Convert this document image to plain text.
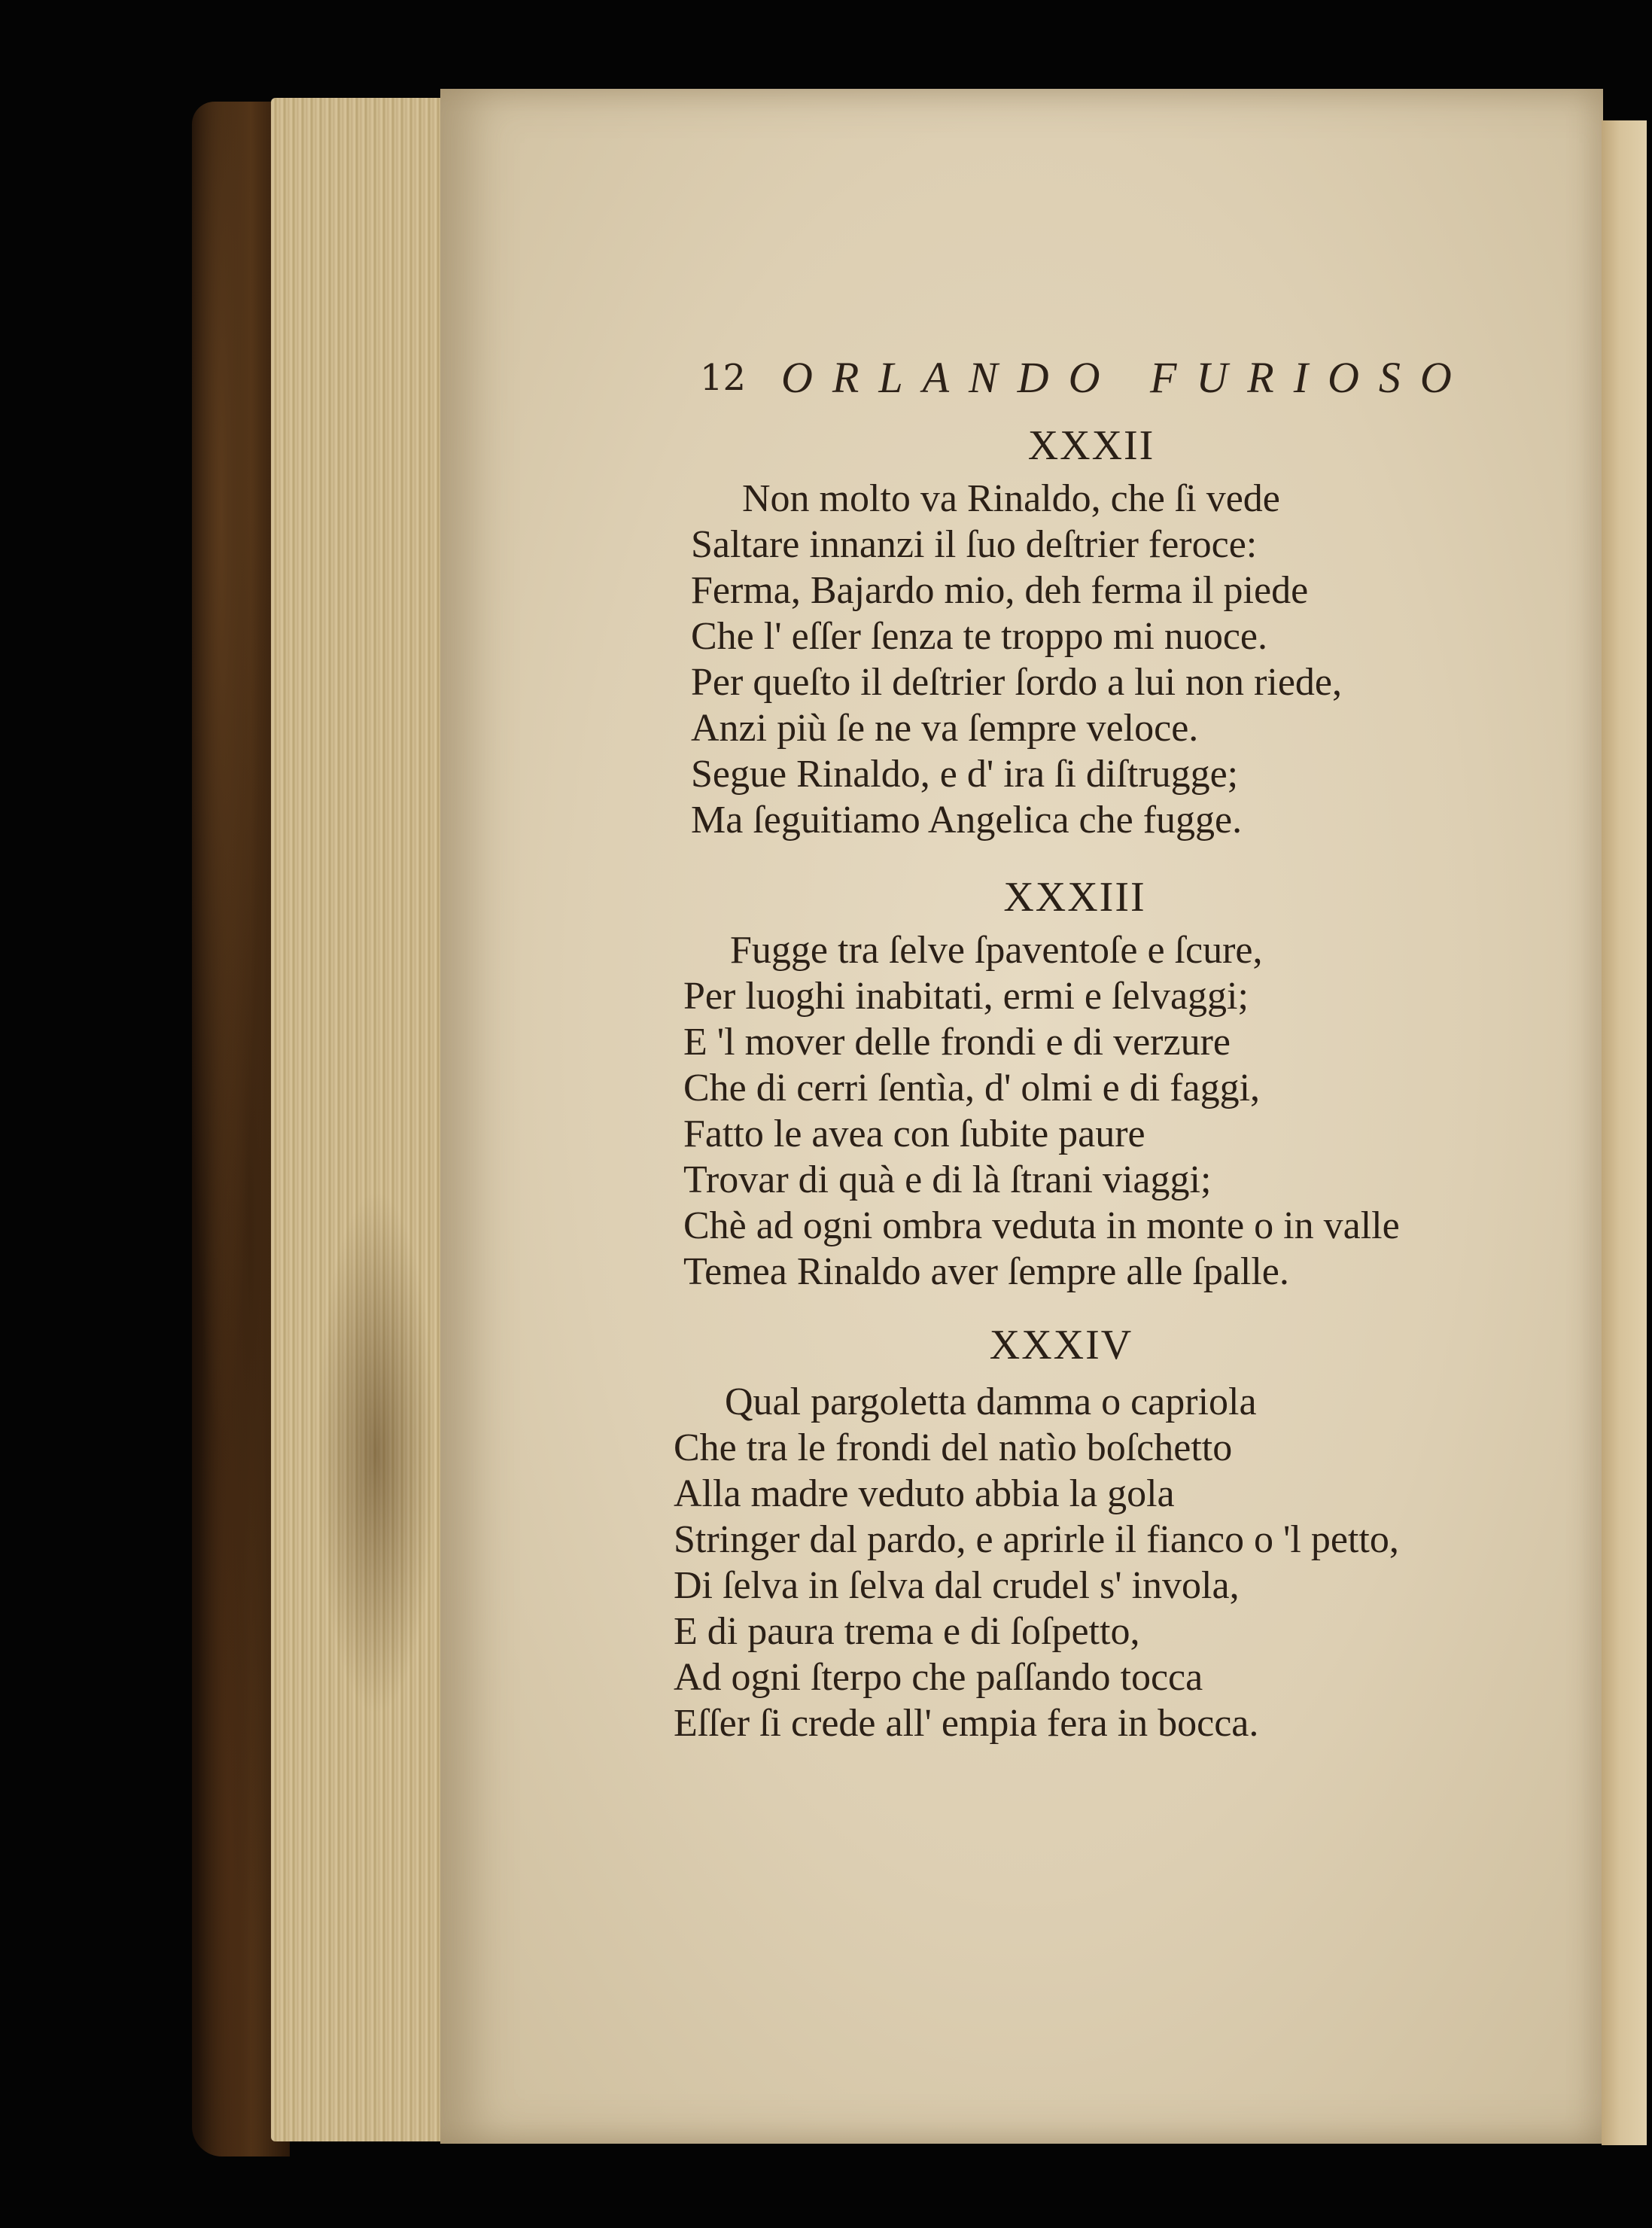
12 ORLANDO FURIOSO
XXXII
Non molto va Rinaldo, che ſi vede
Saltare innanzi il ſuo deſtrier feroce:
Ferma, Bajardo mio, deh ferma il piede
Che l' eſſer ſenza te troppo mi nuoce.
Per queſto il deſtrier ſordo a lui non riede,
Anzi più ſe ne va ſempre veloce.
Segue Rinaldo, e d' ira ſi diſtrugge;
Ma ſeguitiamo Angelica che fugge.
XXXIII
Fugge tra ſelve ſpaventoſe e ſcure,
Per luoghi inabitati, ermi e ſelvaggi;
E 'l mover delle frondi e di verzure
Che di cerri ſentìa, d' olmi e di faggi,
Fatto le avea con ſubite paure
Trovar di quà e di là ſtrani viaggi;
Chè ad ogni ombra veduta in monte o in valle
Temea Rinaldo aver ſempre alle ſpalle.
XXXIV
Qual pargoletta damma o capriola
Che tra le frondi del natìo boſchetto
Alla madre veduto abbia la gola
Stringer dal pardo, e aprirle il fianco o 'l petto,
Di ſelva in ſelva dal crudel s' invola,
E di paura trema e di ſoſpetto,
Ad ogni ſterpo che paſſando tocca
Eſſer ſi crede all' empia fera in bocca.
